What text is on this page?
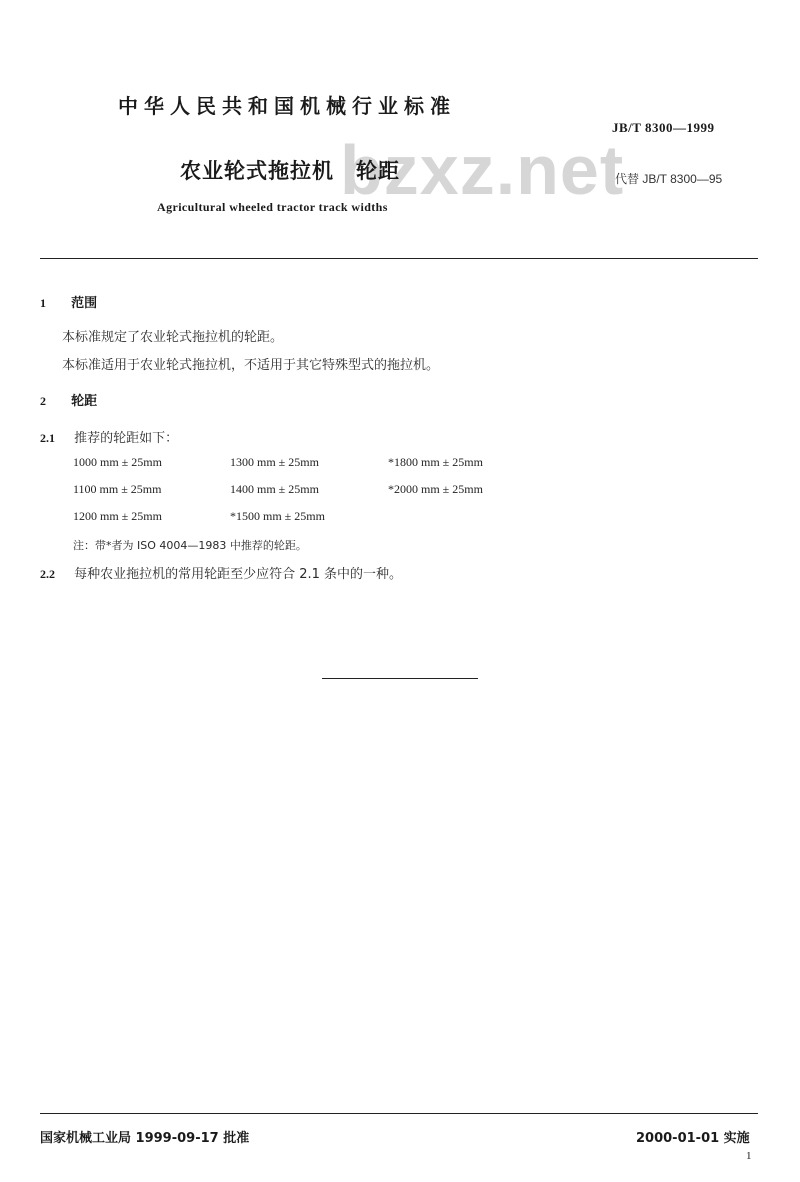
bzxz.net
中华人民共和国机械行业标准
JB/T 8300—1999
农业轮式拖拉机　轮距	代替 JB/T 8300—95
Agricultural wheeled tractor track widths
1 范围
本标准规定了农业轮式拖拉机的轮距。
本标准适用于农业轮式拖拉机，不适用于其它特殊型式的拖拉机。
2 轮距
2.1 推荐的轮距如下：
1000 mm ± 25mm	1300 mm ± 25mm	*1800 mm ± 25mm
1100 mm ± 25mm	1400 mm ± 25mm	*2000 mm ± 25mm
1200 mm ± 25mm	*1500 mm ± 25mm
注：带*者为 ISO 4004—1983 中推荐的轮距。
2.2 每种农业拖拉机的常用轮距至少应符合 2.1 条中的一种。
国家机械工业局 1999-09-17 批准	2000-01-01 实施
1
